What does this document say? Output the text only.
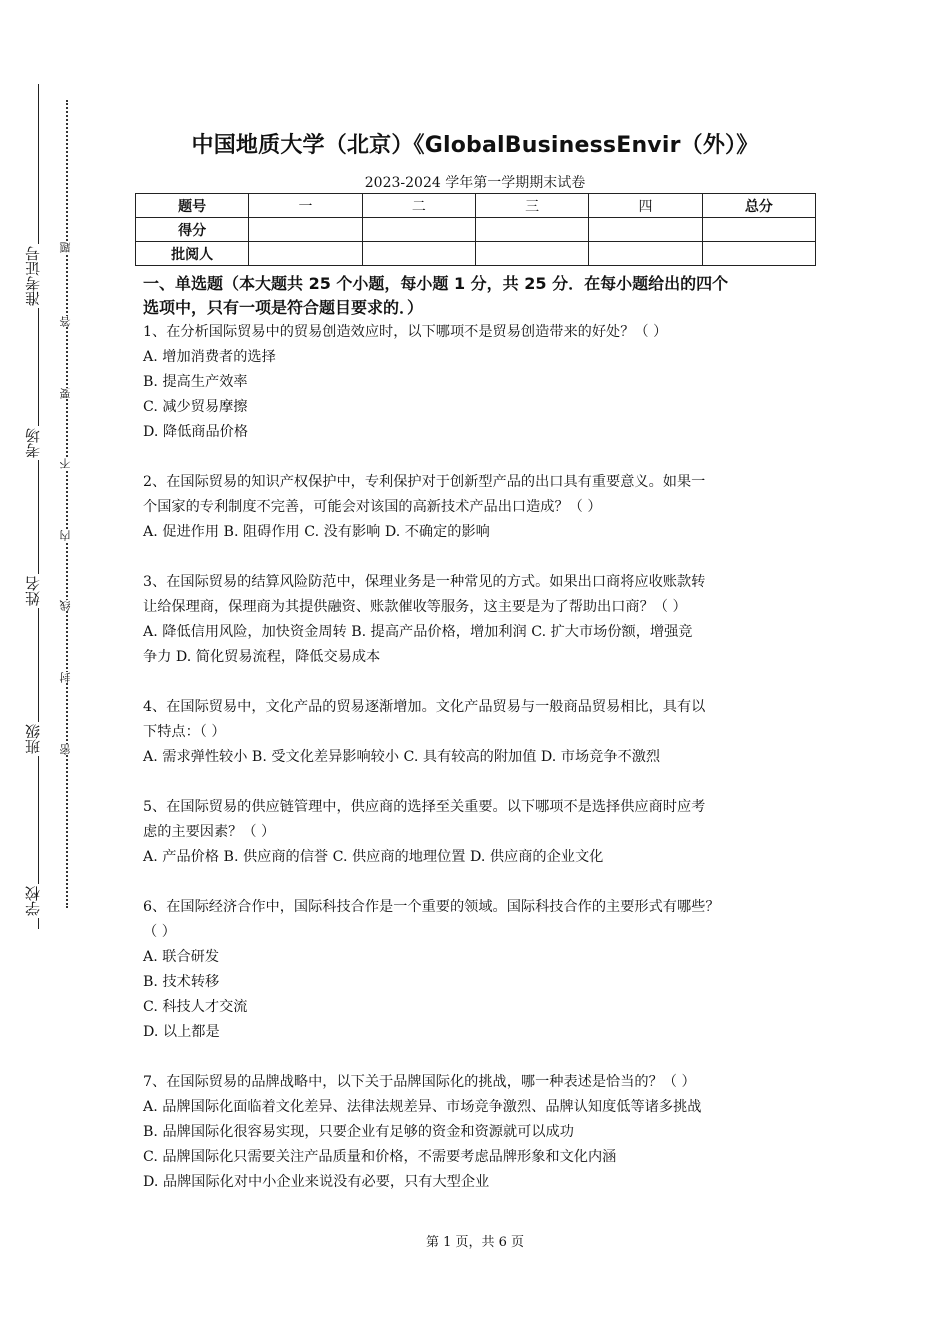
准考证号
考场
姓名
班级
学校
题
答
要
不
内
线
封
密
中国地质大学（北京）《GlobalBusinessEnvir（外）》
2023-2024 学年第一学期期末试卷
题号	一	二	三	四	总分
得分					
批阅人					
一、单选题（本大题共 25 个小题，每小题 1 分，共 25 分．在每小题给出的四个
选项中，只有一项是符合题目要求的．）

1、在分析国际贸易中的贸易创造效应时，以下哪项不是贸易创造带来的好处？（ ）

A. 增加消费者的选择

B. 提高生产效率

C. 减少贸易摩擦

D. 降低商品价格

2、在国际贸易的知识产权保护中，专利保护对于创新型产品的出口具有重要意义。如果一

个国家的专利制度不完善，可能会对该国的高新技术产品出口造成？（ ）

A. 促进作用 B. 阻碍作用 C. 没有影响 D. 不确定的影响

3、在国际贸易的结算风险防范中，保理业务是一种常见的方式。如果出口商将应收账款转

让给保理商，保理商为其提供融资、账款催收等服务，这主要是为了帮助出口商？（ ）

A. 降低信用风险，加快资金周转 B. 提高产品价格，增加利润 C. 扩大市场份额，增强竞

争力 D. 简化贸易流程，降低交易成本

4、在国际贸易中，文化产品的贸易逐渐增加。文化产品贸易与一般商品贸易相比，具有以

下特点：（ ）

A. 需求弹性较小 B. 受文化差异影响较小 C. 具有较高的附加值 D. 市场竞争不激烈

5、在国际贸易的供应链管理中，供应商的选择至关重要。以下哪项不是选择供应商时应考

虑的主要因素？（ ）

A. 产品价格 B. 供应商的信誉 C. 供应商的地理位置 D. 供应商的企业文化

6、在国际经济合作中，国际科技合作是一个重要的领域。国际科技合作的主要形式有哪些？

（ ）

A. 联合研发

B. 技术转移

C. 科技人才交流

D. 以上都是

7、在国际贸易的品牌战略中，以下关于品牌国际化的挑战，哪一种表述是恰当的？（ ）

A. 品牌国际化面临着文化差异、法律法规差异、市场竞争激烈、品牌认知度低等诸多挑战

B. 品牌国际化很容易实现，只要企业有足够的资金和资源就可以成功

C. 品牌国际化只需要关注产品质量和价格，不需要考虑品牌形象和文化内涵

D. 品牌国际化对中小企业来说没有必要，只有大型企业

第 1 页，共 6 页
